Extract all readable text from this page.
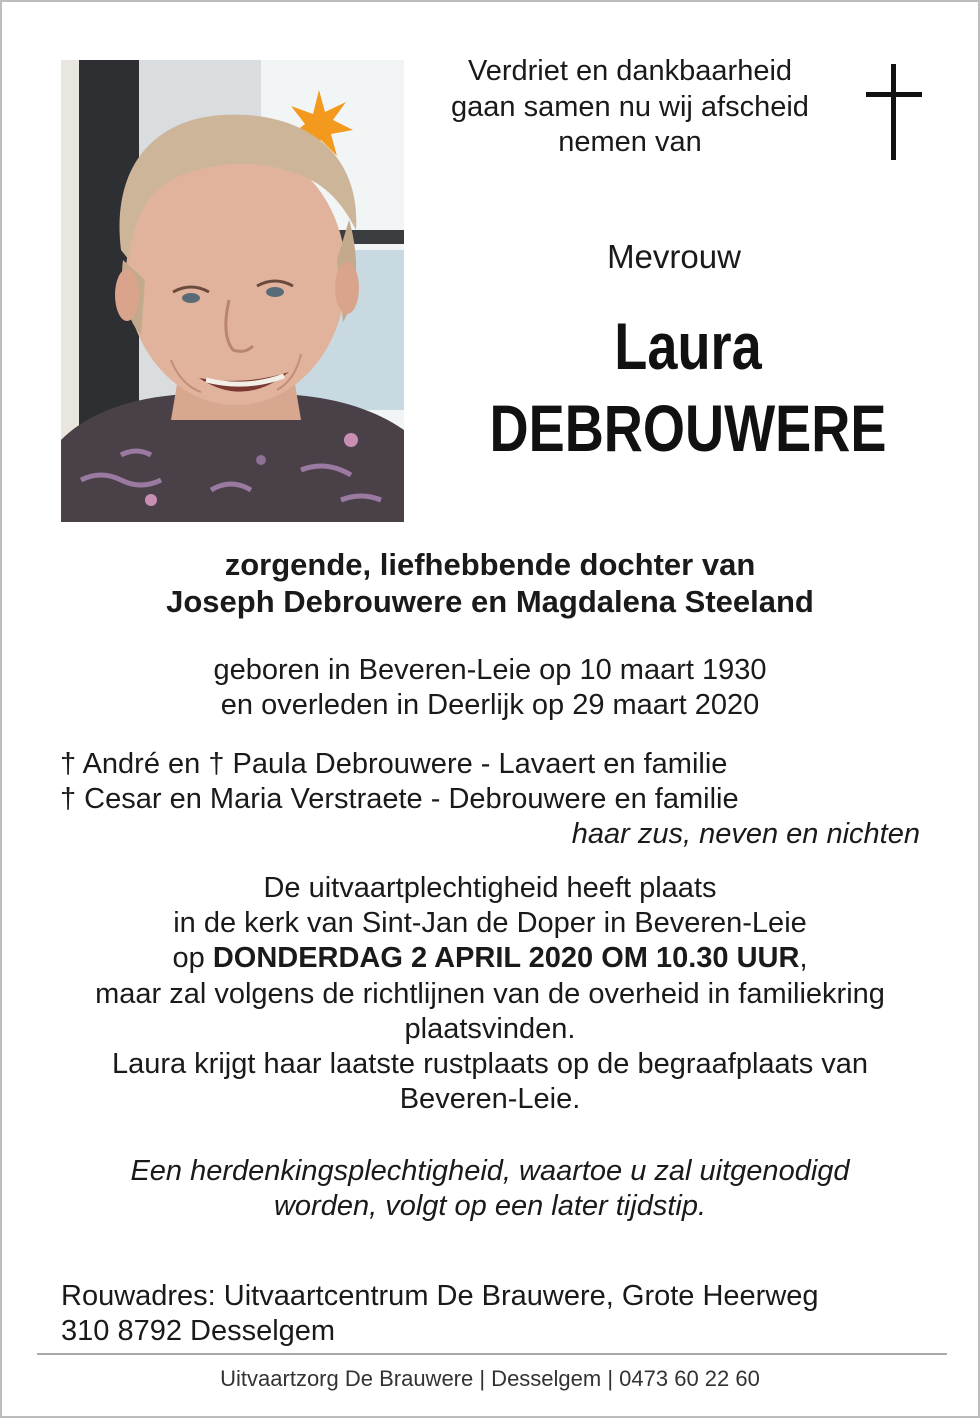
Verdriet en dankbaarheid
gaan samen nu wij afscheid
nemen van
Mevrouw
Laura
DEBROUWERE
zorgende, liefhebbende dochter van
Joseph Debrouwere en Magdalena Steeland
geboren in Beveren-Leie op 10 maart 1930
en overleden in Deerlijk op 29 maart 2020
† André en † Paula Debrouwere - Lavaert en familie
† Cesar en Maria Verstraete - Debrouwere en familie
haar zus, neven en nichten
De uitvaartplechtigheid heeft plaats
in de kerk van Sint-Jan de Doper in Beveren-Leie
op DONDERDAG 2 APRIL 2020 OM 10.30 UUR,
maar zal volgens de richtlijnen van de overheid in familiekring
plaatsvinden.
Laura krijgt haar laatste rustplaats op de begraafplaats van
Beveren-Leie.
Een herdenkingsplechtigheid, waartoe u zal uitgenodigd
worden, volgt op een later tijdstip.
Rouwadres: Uitvaartcentrum De Brauwere, Grote Heerweg
310 8792 Desselgem
Uitvaartzorg De Brauwere | Desselgem | 0473 60 22 60
